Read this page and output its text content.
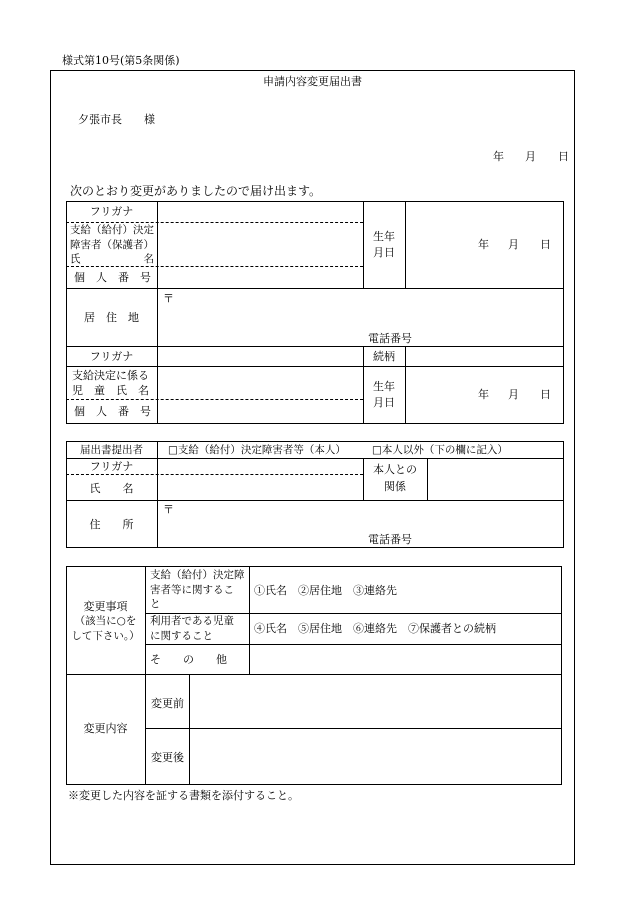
様式第10号(第5条関係)
申請内容変更届出書
夕張市長　　様
年 月 日
次のとおり変更がありましたので届け出ます。
フリガナ
支給（給付）決定
障害者（保護者）
氏　　　　　　名
個　人　番　号
生年
月日
年 月 日
居　住　地
〒
電話番号
フリガナ	続柄
支給決定に係る
児　童　氏　名
個　人　番　号
生年
月日
年 月 日
届出書提出者 □支給（給付）決定障害者等（本人） □本人以外（下の欄に記入）
フリガナ
氏　　名
本人との
関係
住　　所
〒
電話番号
変更事項
（該当に○を
して下さい。）
支給（給付）決定障
害者等に関するこ
と
①氏名　②居住地　③連絡先
利用者である児童
に関すること
④氏名　⑤居住地　⑥連絡先　⑦保護者との続柄
そ　　の　　他
変更内容
変更前
変更後
※変更した内容を証する書類を添付すること。
